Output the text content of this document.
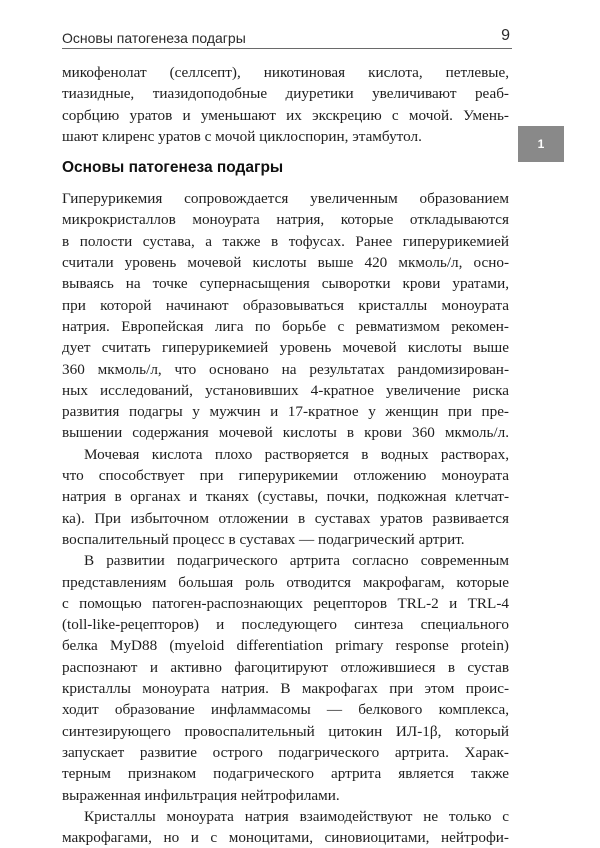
Основы патогенеза подагры	9
1
микофенолат (селлсепт), никотиновая кислота, петлевые,
тиазидные, тиазидоподобные диуретики увеличивают реаб-
сорбцию уратов и уменьшают их экскрецию с мочой. Умень-
шают клиренс уратов с мочой циклоспорин, этамбутол.
Основы патогенеза подагры
Гиперурикемия сопровождается увеличенным образованием
микрокристаллов моноурата натрия, которые откладываются
в полости сустава, а также в тофусах. Ранее гиперурикемией
считали уровень мочевой кислоты выше 420 мкмоль/л, осно-
вываясь на точке супернасыщения сыворотки крови уратами,
при которой начинают образовываться кристаллы моноурата
натрия. Европейская лига по борьбе с ревматизмом рекомен-
дует считать гиперурикемией уровень мочевой кислоты выше
360 мкмоль/л, что основано на результатах рандомизирован-
ных исследований, установивших 4-кратное увеличение риска
развития подагры у мужчин и 17-кратное у женщин при пре-
вышении содержания мочевой кислоты в крови 360 мкмоль/л.
Мочевая кислота плохо растворяется в водных растворах,
что способствует при гиперурикемии отложению моноурата
натрия в органах и тканях (суставы, почки, подкожная клетчат-
ка). При избыточном отложении в суставах уратов развивается
воспалительный процесс в суставах — подагрический артрит.
В развитии подагрического артрита согласно современным
представлениям большая роль отводится макрофагам, которые
с помощью патоген-распознающих рецепторов TRL-2 и TRL-4
(toll-like-рецепторов) и последующего синтеза специального
белка MyD88 (myeloid differentiation primary response protein)
распознают и активно фагоцитируют отложившиеся в сустав
кристаллы моноурата натрия. В макрофагах при этом проис-
ходит образование инфламмасомы — белкового комплекса,
синтезирующего провоспалительный цитокин ИЛ-1β, который
запускает развитие острого подагрического артрита. Харак-
терным признаком подагрического артрита является также
выраженная инфильтрация нейтрофилами.
Кристаллы моноурата натрия взаимодействуют не только с
макрофагами, но и с моноцитами, синовиоцитами, нейтрофи-
